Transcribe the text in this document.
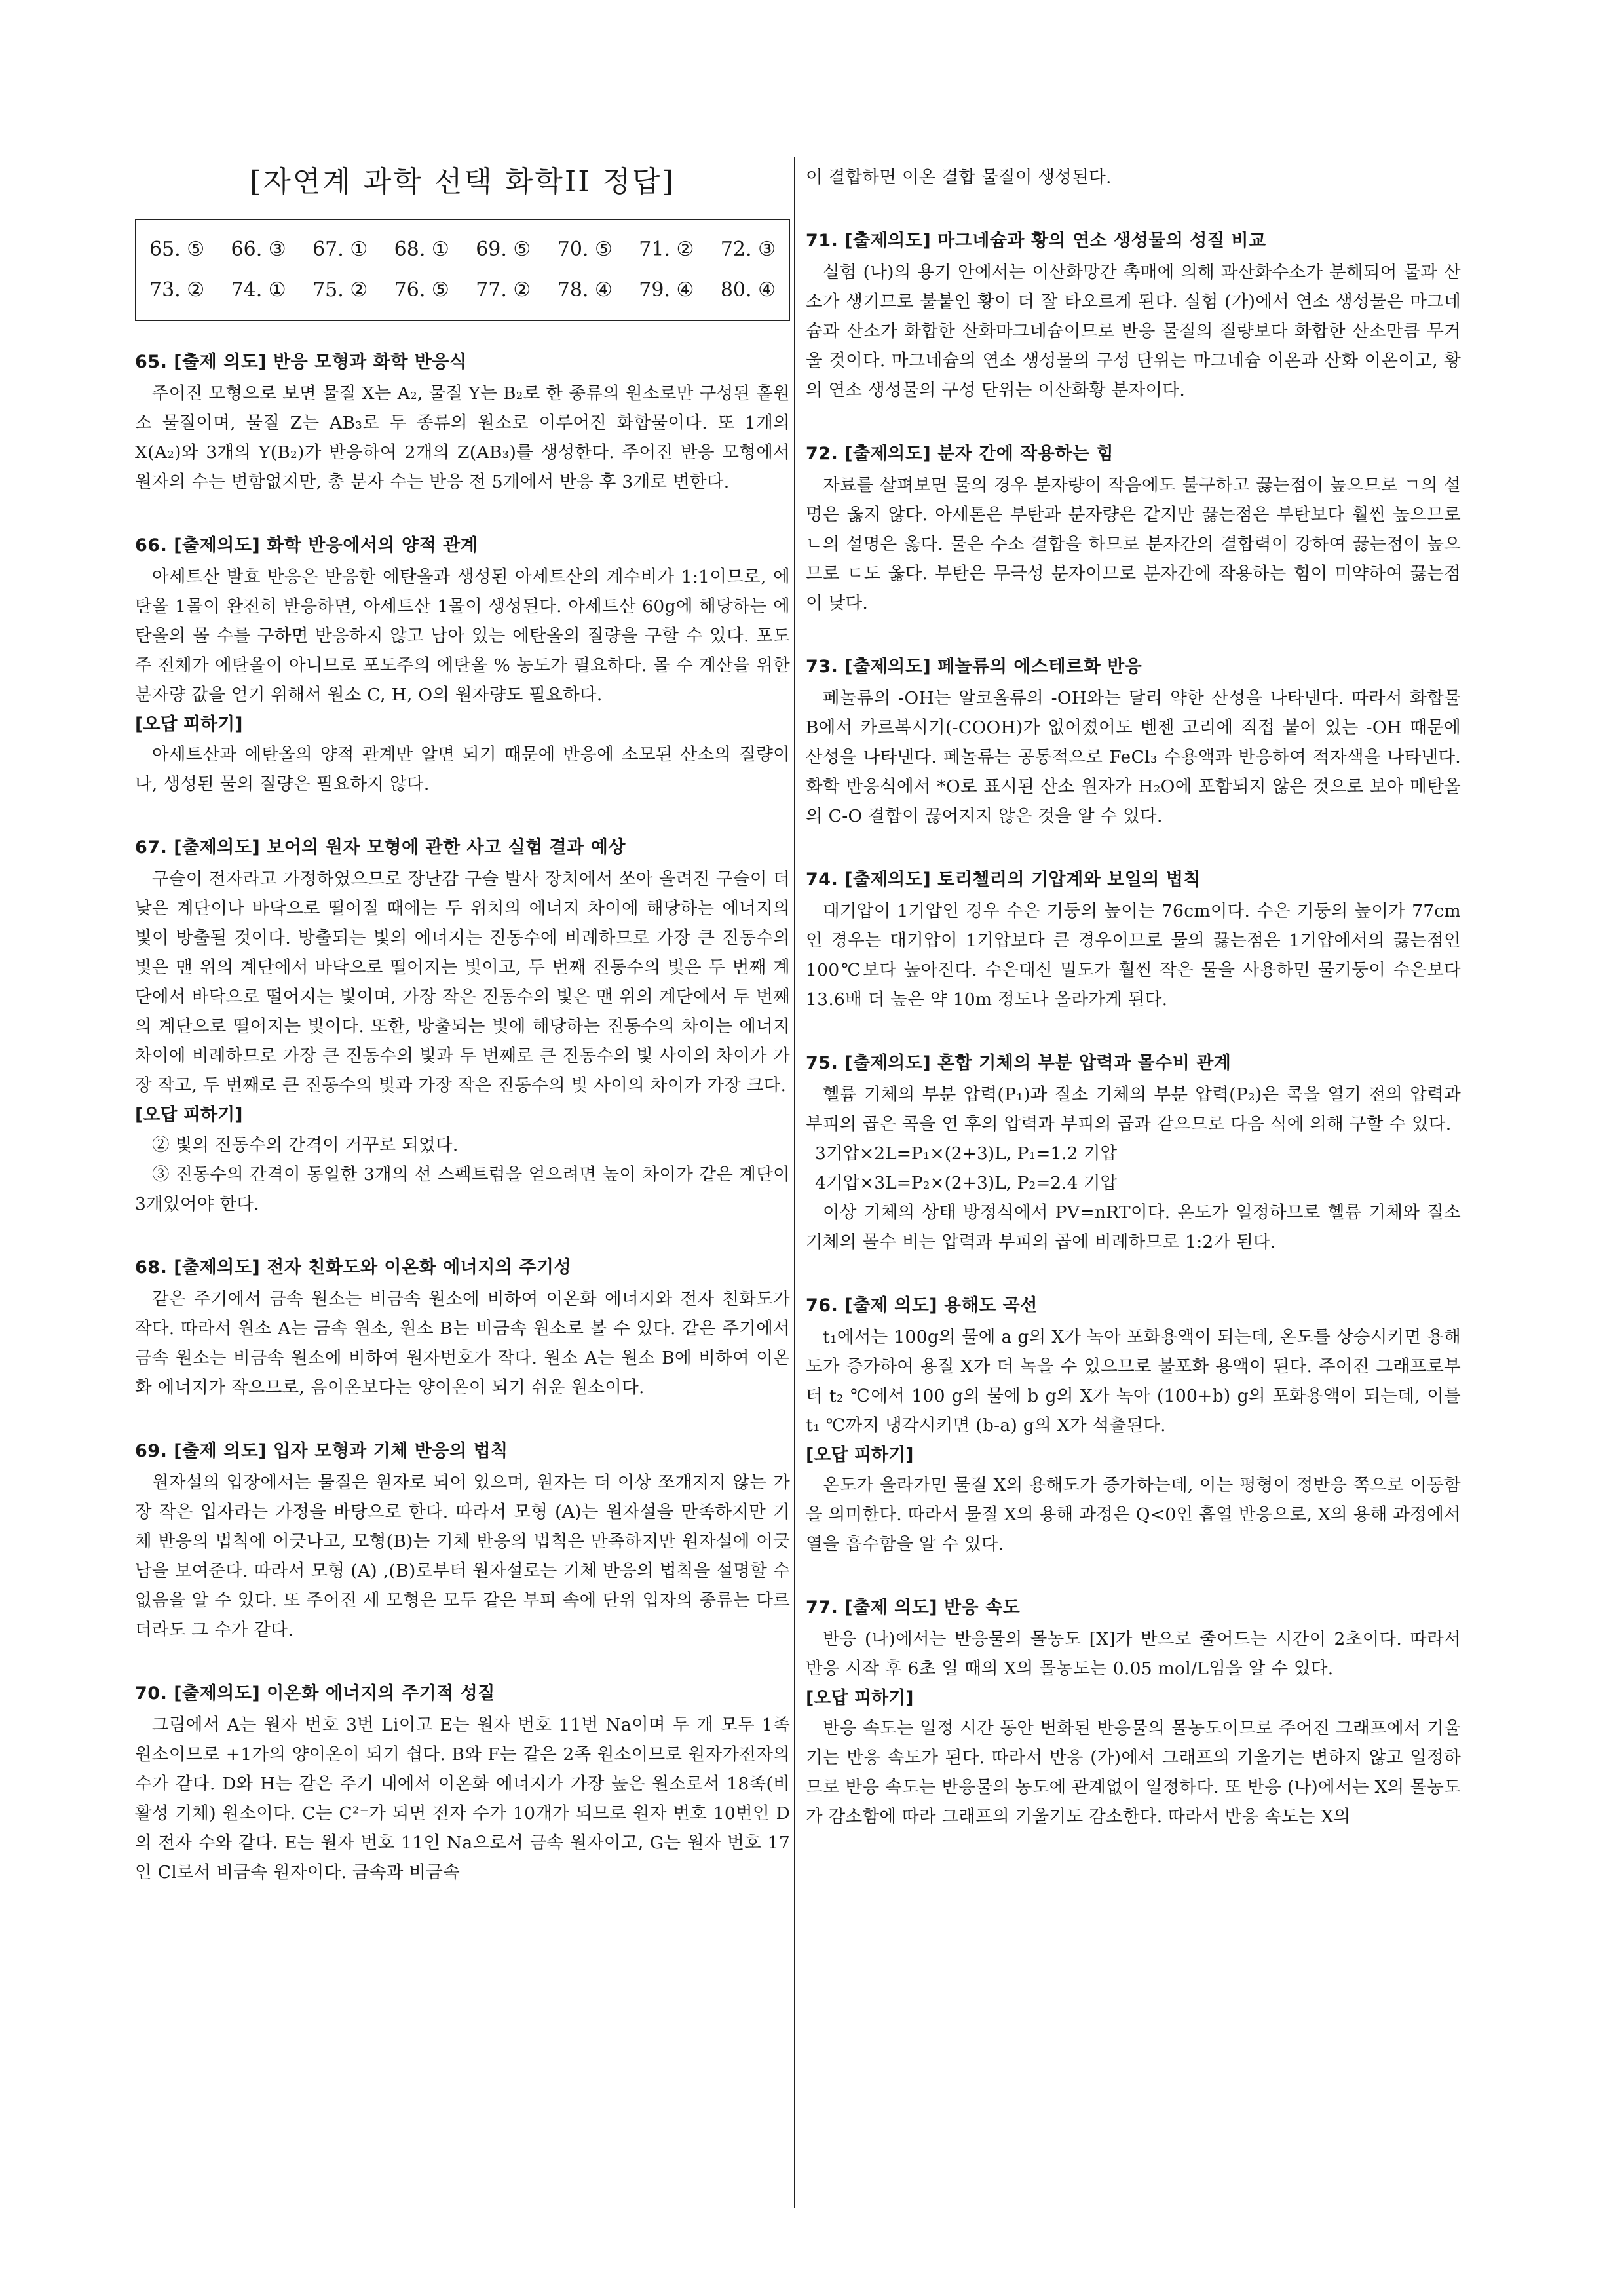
[자연계 과학 선택 화학II 정답]
65. ⑤ 66. ③ 67. ① 68. ① 69. ⑤ 70. ⑤ 71. ② 72. ③
73. ② 74. ① 75. ② 76. ⑤ 77. ② 78. ④ 79. ④ 80. ④

65. [출제 의도] 반응 모형과 화학 반응식

주어진 모형으로 보면 물질 X는 A₂, 물질 Y는 B₂로 한 종류의 원소로만 구성된 홑원소 물질이며, 물질 Z는 AB₃로 두 종류의 원소로 이루어진 화합물이다. 또 1개의 X(A₂)와 3개의 Y(B₂)가 반응하여 2개의 Z(AB₃)를 생성한다. 주어진 반응 모형에서 원자의 수는 변함없지만, 총 분자 수는 반응 전 5개에서 반응 후 3개로 변한다.

66. [출제의도] 화학 반응에서의 양적 관계

아세트산 발효 반응은 반응한 에탄올과 생성된 아세트산의 계수비가 1:1이므로, 에탄올 1몰이 완전히 반응하면, 아세트산 1몰이 생성된다. 아세트산 60g에 해당하는 에탄올의 몰 수를 구하면 반응하지 않고 남아 있는 에탄올의 질량을 구할 수 있다. 포도주 전체가 에탄올이 아니므로 포도주의 에탄올 % 농도가 필요하다. 몰 수 계산을 위한 분자량 값을 얻기 위해서 원소 C, H, O의 원자량도 필요하다.

[오답 피하기]

아세트산과 에탄올의 양적 관계만 알면 되기 때문에 반응에 소모된 산소의 질량이나, 생성된 물의 질량은 필요하지 않다.

67. [출제의도] 보어의 원자 모형에 관한 사고 실험 결과 예상

구슬이 전자라고 가정하였으므로 장난감 구슬 발사 장치에서 쏘아 올려진 구슬이 더 낮은 계단이나 바닥으로 떨어질 때에는 두 위치의 에너지 차이에 해당하는 에너지의 빛이 방출될 것이다. 방출되는 빛의 에너지는 진동수에 비례하므로 가장 큰 진동수의 빛은 맨 위의 계단에서 바닥으로 떨어지는 빛이고, 두 번째 진동수의 빛은 두 번째 계단에서 바닥으로 떨어지는 빛이며, 가장 작은 진동수의 빛은 맨 위의 계단에서 두 번째의 계단으로 떨어지는 빛이다. 또한, 방출되는 빛에 해당하는 진동수의 차이는 에너지 차이에 비례하므로 가장 큰 진동수의 빛과 두 번째로 큰 진동수의 빛 사이의 차이가 가장 작고, 두 번째로 큰 진동수의 빛과 가장 작은 진동수의 빛 사이의 차이가 가장 크다.

[오답 피하기]

② 빛의 진동수의 간격이 거꾸로 되었다.

③ 진동수의 간격이 동일한 3개의 선 스펙트럼을 얻으려면 높이 차이가 같은 계단이 3개있어야 한다.

68. [출제의도] 전자 친화도와 이온화 에너지의 주기성

같은 주기에서 금속 원소는 비금속 원소에 비하여 이온화 에너지와 전자 친화도가 작다. 따라서 원소 A는 금속 원소, 원소 B는 비금속 원소로 볼 수 있다. 같은 주기에서 금속 원소는 비금속 원소에 비하여 원자번호가 작다. 원소 A는 원소 B에 비하여 이온화 에너지가 작으므로, 음이온보다는 양이온이 되기 쉬운 원소이다.

69. [출제 의도] 입자 모형과 기체 반응의 법칙

원자설의 입장에서는 물질은 원자로 되어 있으며, 원자는 더 이상 쪼개지지 않는 가장 작은 입자라는 가정을 바탕으로 한다. 따라서 모형 (A)는 원자설을 만족하지만 기체 반응의 법칙에 어긋나고, 모형(B)는 기체 반응의 법칙은 만족하지만 원자설에 어긋남을 보여준다. 따라서 모형 (A) ,(B)로부터 원자설로는 기체 반응의 법칙을 설명할 수 없음을 알 수 있다. 또 주어진 세 모형은 모두 같은 부피 속에 단위 입자의 종류는 다르더라도 그 수가 같다.

70. [출제의도] 이온화 에너지의 주기적 성질

그림에서 A는 원자 번호 3번 Li이고 E는 원자 번호 11번 Na이며 두 개 모두 1족 원소이므로 +1가의 양이온이 되기 쉽다. B와 F는 같은 2족 원소이므로 원자가전자의 수가 같다. D와 H는 같은 주기 내에서 이온화 에너지가 가장 높은 원소로서 18족(비활성 기체) 원소이다. C는 C²⁻가 되면 전자 수가 10개가 되므로 원자 번호 10번인 D의 전자 수와 같다. E는 원자 번호 11인 Na으로서 금속 원자이고, G는 원자 번호 17인 Cl로서 비금속 원자이다. 금속과 비금속

이 결합하면 이온 결합 물질이 생성된다.

71. [출제의도] 마그네슘과 황의 연소 생성물의 성질 비교

실험 (나)의 용기 안에서는 이산화망간 촉매에 의해 과산화수소가 분해되어 물과 산소가 생기므로 불붙인 황이 더 잘 타오르게 된다. 실험 (가)에서 연소 생성물은 마그네슘과 산소가 화합한 산화마그네슘이므로 반응 물질의 질량보다 화합한 산소만큼 무거울 것이다. 마그네슘의 연소 생성물의 구성 단위는 마그네슘 이온과 산화 이온이고, 황의 연소 생성물의 구성 단위는 이산화황 분자이다.

72. [출제의도] 분자 간에 작용하는 힘

자료를 살펴보면 물의 경우 분자량이 작음에도 불구하고 끓는점이 높으므로 ㄱ의 설명은 옳지 않다. 아세톤은 부탄과 분자량은 같지만 끓는점은 부탄보다 훨씬 높으므로 ㄴ의 설명은 옳다. 물은 수소 결합을 하므로 분자간의 결합력이 강하여 끓는점이 높으므로 ㄷ도 옳다. 부탄은 무극성 분자이므로 분자간에 작용하는 힘이 미약하여 끓는점이 낮다.

73. [출제의도] 페놀류의 에스테르화 반응

페놀류의 -OH는 알코올류의 -OH와는 달리 약한 산성을 나타낸다. 따라서 화합물 B에서 카르복시기(-COOH)가 없어졌어도 벤젠 고리에 직접 붙어 있는 -OH 때문에 산성을 나타낸다. 페놀류는 공통적으로 FeCl₃ 수용액과 반응하여 적자색을 나타낸다. 화학 반응식에서 *O로 표시된 산소 원자가 H₂O에 포함되지 않은 것으로 보아 메탄올의 C-O 결합이 끊어지지 않은 것을 알 수 있다.

74. [출제의도] 토리첼리의 기압계와 보일의 법칙

대기압이 1기압인 경우 수은 기둥의 높이는 76cm이다. 수은 기둥의 높이가 77cm인 경우는 대기압이 1기압보다 큰 경우이므로 물의 끓는점은 1기압에서의 끓는점인 100℃보다 높아진다. 수은대신 밀도가 훨씬 작은 물을 사용하면 물기둥이 수은보다 13.6배 더 높은 약 10m 정도나 올라가게 된다.

75. [출제의도] 혼합 기체의 부분 압력과 몰수비 관계

헬륨 기체의 부분 압력(P₁)과 질소 기체의 부분 압력(P₂)은 콕을 열기 전의 압력과 부피의 곱은 콕을 연 후의 압력과 부피의 곱과 같으므로 다음 식에 의해 구할 수 있다.

3기압×2L=P₁×(2+3)L, P₁=1.2 기압

4기압×3L=P₂×(2+3)L, P₂=2.4 기압

이상 기체의 상태 방정식에서 PV=nRT이다. 온도가 일정하므로 헬륨 기체와 질소 기체의 몰수 비는 압력과 부피의 곱에 비례하므로 1:2가 된다.

76. [출제 의도] 용해도 곡선

t₁에서는 100g의 물에 a g의 X가 녹아 포화용액이 되는데, 온도를 상승시키면 용해도가 증가하여 용질 X가 더 녹을 수 있으므로 불포화 용액이 된다. 주어진 그래프로부터 t₂ ℃에서 100 g의 물에 b g의 X가 녹아 (100+b) g의 포화용액이 되는데, 이를 t₁ ℃까지 냉각시키면 (b-a) g의 X가 석출된다.

[오답 피하기]

온도가 올라가면 물질 X의 용해도가 증가하는데, 이는 평형이 정반응 쪽으로 이동함을 의미한다. 따라서 물질 X의 용해 과정은 Q<0인 흡열 반응으로, X의 용해 과정에서 열을 흡수함을 알 수 있다.

77. [출제 의도] 반응 속도

반응 (나)에서는 반응물의 몰농도 [X]가 반으로 줄어드는 시간이 2초이다. 따라서 반응 시작 후 6초 일 때의 X의 몰농도는 0.05 mol/L임을 알 수 있다.

[오답 피하기]

반응 속도는 일정 시간 동안 변화된 반응물의 몰농도이므로 주어진 그래프에서 기울기는 반응 속도가 된다. 따라서 반응 (가)에서 그래프의 기울기는 변하지 않고 일정하므로 반응 속도는 반응물의 농도에 관계없이 일정하다. 또 반응 (나)에서는 X의 몰농도가 감소함에 따라 그래프의 기울기도 감소한다. 따라서 반응 속도는 X의
